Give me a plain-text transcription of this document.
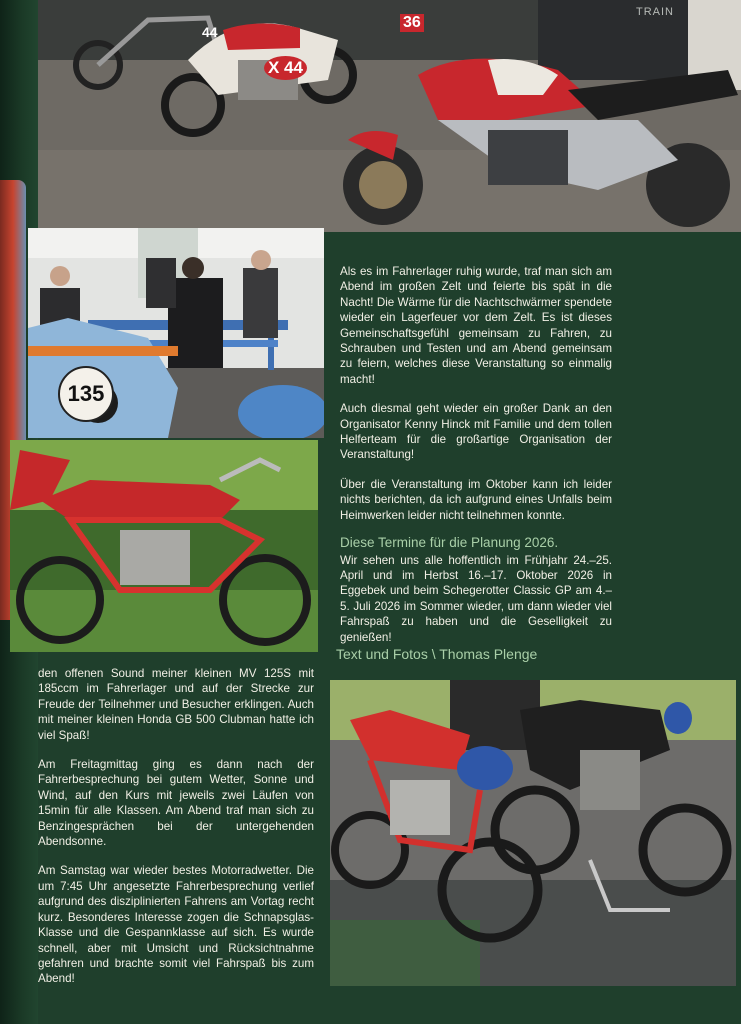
44
X 44
36
TRAIN
135

Als es im Fahrerlager ruhig wurde, traf man sich am Abend im großen Zelt und feierte bis spät in die Nacht! Die Wärme für die Nachtschwärmer spendete wieder ein Lagerfeuer vor dem Zelt. Es ist dieses Gemeinschaftsgefühl gemeinsam zu Fahren, zu Schrauben und Testen und am Abend gemeinsam zu feiern, welches diese Veranstaltung so einmalig macht!

Auch diesmal geht wieder ein großer Dank an den Organisator Kenny Hinck mit Familie und dem tollen Helferteam für die großartige Organisation der Veranstaltung!

Über die Veranstaltung im Oktober kann ich leider nichts berichten, da ich aufgrund eines Unfalls beim Heimwerken leider nicht teilnehmen konnte.

Diese Termine für die Planung 2026.

Wir sehen uns alle hoffentlich im Frühjahr 24.–25. April und im Herbst 16.–17. Oktober 2026 in Eggebek und beim Schegerotter Classic GP am 4.–5. Juli 2026 im Sommer wieder, um dann wieder viel Fahrspaß zu haben und die Geselligkeit zu genießen!

Text und Fotos \ Thomas Plenge

den offenen Sound meiner kleinen MV 125S mit 185ccm im Fahrerlager und auf der Strecke zur Freude der Teilnehmer und Besucher erklingen. Auch mit meiner kleinen Honda GB 500 Clubman hatte ich viel Spaß!

Am Freitagmittag ging es dann nach der Fahrerbesprechung bei gutem Wetter, Sonne und Wind, auf den Kurs mit jeweils zwei Läufen von 15min für alle Klassen. Am Abend traf man sich zu Benzingesprächen bei der untergehenden Abendsonne.

Am Samstag war wieder bestes Motorradwetter. Die um 7:45 Uhr angesetzte Fahrerbesprechung verlief aufgrund des disziplinierten Fahrens am Vortag recht kurz. Besonderes Interesse zogen die Schnapsglas-Klasse und die Gespannklasse auf sich. Es wurde schnell, aber mit Umsicht und Rücksichtnahme gefahren und brachte somit viel Fahrspaß bis zum Abend!
